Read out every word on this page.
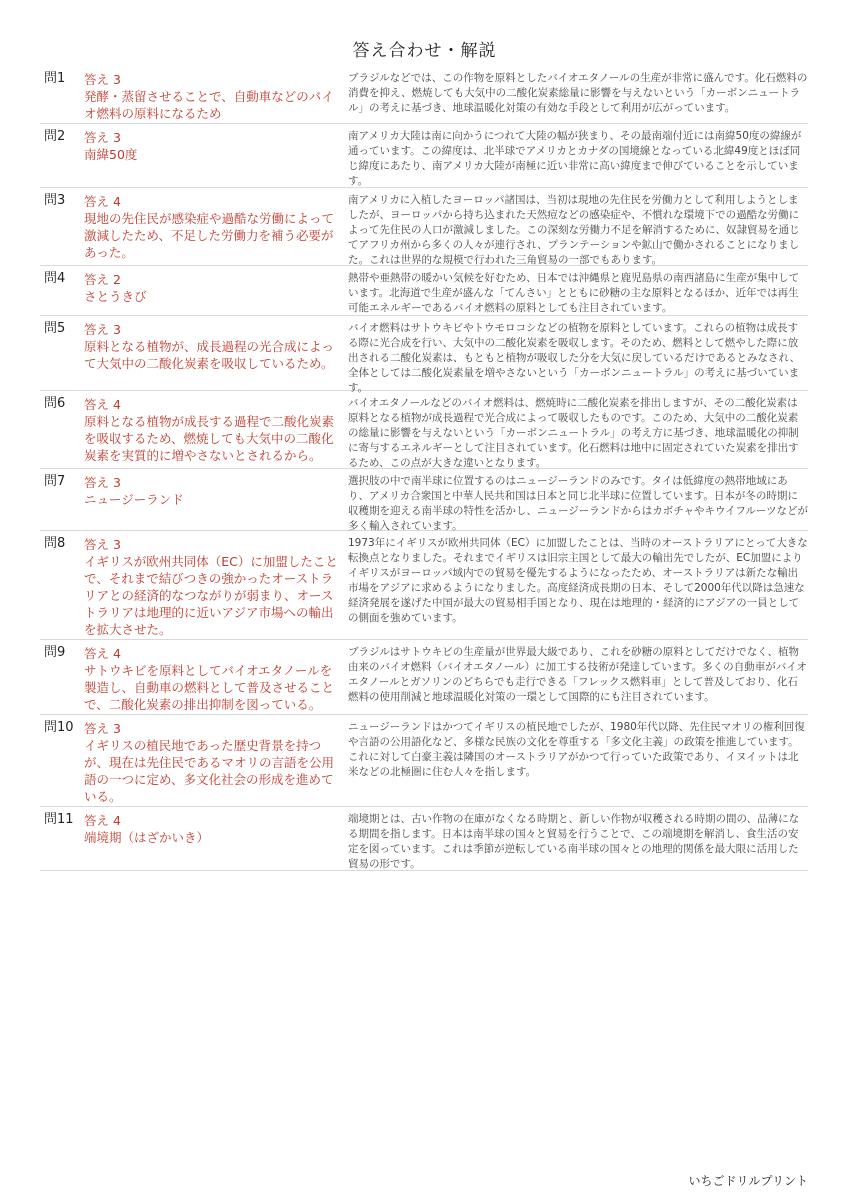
答え合わせ・解説
問1	答え 3
発酵・蒸留させることで、自動車などのバイオ燃料の原料になるため
ブラジルなどでは、この作物を原料としたバイオエタノールの生産が非常に盛んです。化石燃料の消費を抑え、燃焼しても大気中の二酸化炭素総量に影響を与えないという「カーボンニュートラル」の考えに基づき、地球温暖化対策の有効な手段として利用が広がっています。
問2	答え 3
南緯50度
南アメリカ大陸は南に向かうにつれて大陸の幅が狭まり、その最南端付近には南緯50度の緯線が通っています。この緯度は、北半球でアメリカとカナダの国境線となっている北緯49度とほぼ同じ緯度にあたり、南アメリカ大陸が南極に近い非常に高い緯度まで伸びていることを示しています。
問3	答え 4
現地の先住民が感染症や過酷な労働によって激減したため、不足した労働力を補う必要があった。
南アメリカに入植したヨーロッパ諸国は、当初は現地の先住民を労働力として利用しようとしましたが、ヨーロッパから持ち込まれた天然痘などの感染症や、不慣れな環境下での過酷な労働によって先住民の人口が激減しました。この深刻な労働力不足を解消するために、奴隷貿易を通じてアフリカ州から多くの人々が連行され、プランテーションや鉱山で働かされることになりました。これは世界的な規模で行われた三角貿易の一部でもあります。
問4	答え 2
さとうきび
熱帯や亜熱帯の暖かい気候を好むため、日本では沖縄県と鹿児島県の南西諸島に生産が集中しています。北海道で生産が盛んな「てんさい」とともに砂糖の主な原料となるほか、近年では再生可能エネルギーであるバイオ燃料の原料としても注目されています。
問5	答え 3
原料となる植物が、成長過程の光合成によって大気中の二酸化炭素を吸収しているため。
バイオ燃料はサトウキビやトウモロコシなどの植物を原料としています。これらの植物は成長する際に光合成を行い、大気中の二酸化炭素を吸収します。そのため、燃料として燃やした際に放出される二酸化炭素は、もともと植物が吸収した分を大気に戻しているだけであるとみなされ、全体としては二酸化炭素量を増やさないという「カーボンニュートラル」の考えに基づいています。
問6	答え 4
原料となる植物が成長する過程で二酸化炭素を吸収するため、燃焼しても大気中の二酸化炭素を実質的に増やさないとされるから。
バイオエタノールなどのバイオ燃料は、燃焼時に二酸化炭素を排出しますが、その二酸化炭素は原料となる植物が成長過程で光合成によって吸収したものです。このため、大気中の二酸化炭素の総量に影響を与えないという「カーボンニュートラル」の考え方に基づき、地球温暖化の抑制に寄与するエネルギーとして注目されています。化石燃料は地中に固定されていた炭素を排出するため、この点が大きな違いとなります。
問7	答え 3
ニュージーランド
選択肢の中で南半球に位置するのはニュージーランドのみです。タイは低緯度の熱帯地域にあり、アメリカ合衆国と中華人民共和国は日本と同じ北半球に位置しています。日本が冬の時期に収穫期を迎える南半球の特性を活かし、ニュージーランドからはカボチャやキウイフルーツなどが多く輸入されています。
問8	答え 3
イギリスが欧州共同体（EC）に加盟したことで、それまで結びつきの強かったオーストラリアとの経済的なつながりが弱まり、オーストラリアは地理的に近いアジア市場への輸出を拡大させた。
1973年にイギリスが欧州共同体（EC）に加盟したことは、当時のオーストラリアにとって大きな転換点となりました。それまでイギリスは旧宗主国として最大の輸出先でしたが、EC加盟によりイギリスがヨーロッパ域内での貿易を優先するようになったため、オーストラリアは新たな輸出市場をアジアに求めるようになりました。高度経済成長期の日本、そして2000年代以降は急速な経済発展を遂げた中国が最大の貿易相手国となり、現在は地理的・経済的にアジアの一員としての側面を強めています。
問9	答え 4
サトウキビを原料としてバイオエタノールを製造し、自動車の燃料として普及させることで、二酸化炭素の排出抑制を図っている。
ブラジルはサトウキビの生産量が世界最大級であり、これを砂糖の原料としてだけでなく、植物由来のバイオ燃料（バイオエタノール）に加工する技術が発達しています。多くの自動車がバイオエタノールとガソリンのどちらでも走行できる「フレックス燃料車」として普及しており、化石燃料の使用削減と地球温暖化対策の一環として国際的にも注目されています。
問10 答え 3
イギリスの植民地であった歴史背景を持つが、現在は先住民であるマオリの言語を公用語の一つに定め、多文化社会の形成を進めている。
ニュージーランドはかつてイギリスの植民地でしたが、1980年代以降、先住民マオリの権利回復や言語の公用語化など、多様な民族の文化を尊重する「多文化主義」の政策を推進しています。これに対して白豪主義は隣国のオーストラリアがかつて行っていた政策であり、イヌイットは北米などの北極圏に住む人々を指します。
問11 答え 4
端境期（はざかいき）
端境期とは、古い作物の在庫がなくなる時期と、新しい作物が収穫される時期の間の、品薄になる期間を指します。日本は南半球の国々と貿易を行うことで、この端境期を解消し、食生活の安定を図っています。これは季節が逆転している南半球の国々との地理的関係を最大限に活用した貿易の形です。
いちごドリルプリント
